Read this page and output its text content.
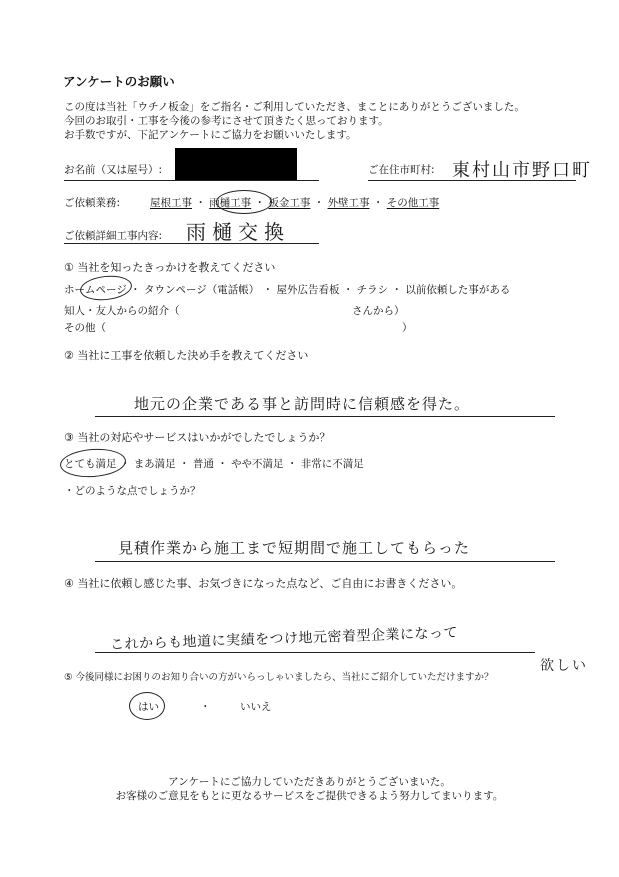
アンケートのお願い
この度は当社「ウチノ板金」をご指名・ご利用していただき、まことにありがとうございました。
今回のお取引・工事を今後の参考にさせて頂きたく思っております。
お手数ですが、下記アンケートにご協力をお願いいたします。
お名前（又は屋号）:	ご在住市町村: 東村山市野口町
ご依頼業務:	屋根工事 ・ 雨樋工事 ・ 板金工事 ・ 外壁工事 ・ その他工事
ご依頼詳細工事内容: 雨樋交換
① 当社を知ったきっかけを教えてください
ホームページ ・ タウンページ（電話帳） ・ 屋外広告看板 ・ チラシ ・ 以前依頼した事がある
知人・友人からの紹介（	さんから）
その他（	）
② 当社に工事を依頼した決め手を教えてください
地元の企業である事と訪問時に信頼感を得た。
③ 当社の対応やサービスはいかがでしたでしょうか？
とても満足 ・ まあ満足 ・ 普通 ・ やや不満足 ・ 非常に不満足
・どのような点でしょうか？
見積作業から施工まで短期間で施工してもらった
④ 当社に依頼し感じた事、お気づきになった点など、ご自由にお書きください。
これからも地道に実績をつけ地元密着型企業になって
欲しい
⑤ 今後同様にお困りのお知り合いの方がいらっしゃいましたら、当社にご紹介していただけますか？
はい	・	いいえ
アンケートにご協力していただきありがとうございまいた。
お客様のご意見をもとに更なるサービスをご提供できるよう努力してまいります。
